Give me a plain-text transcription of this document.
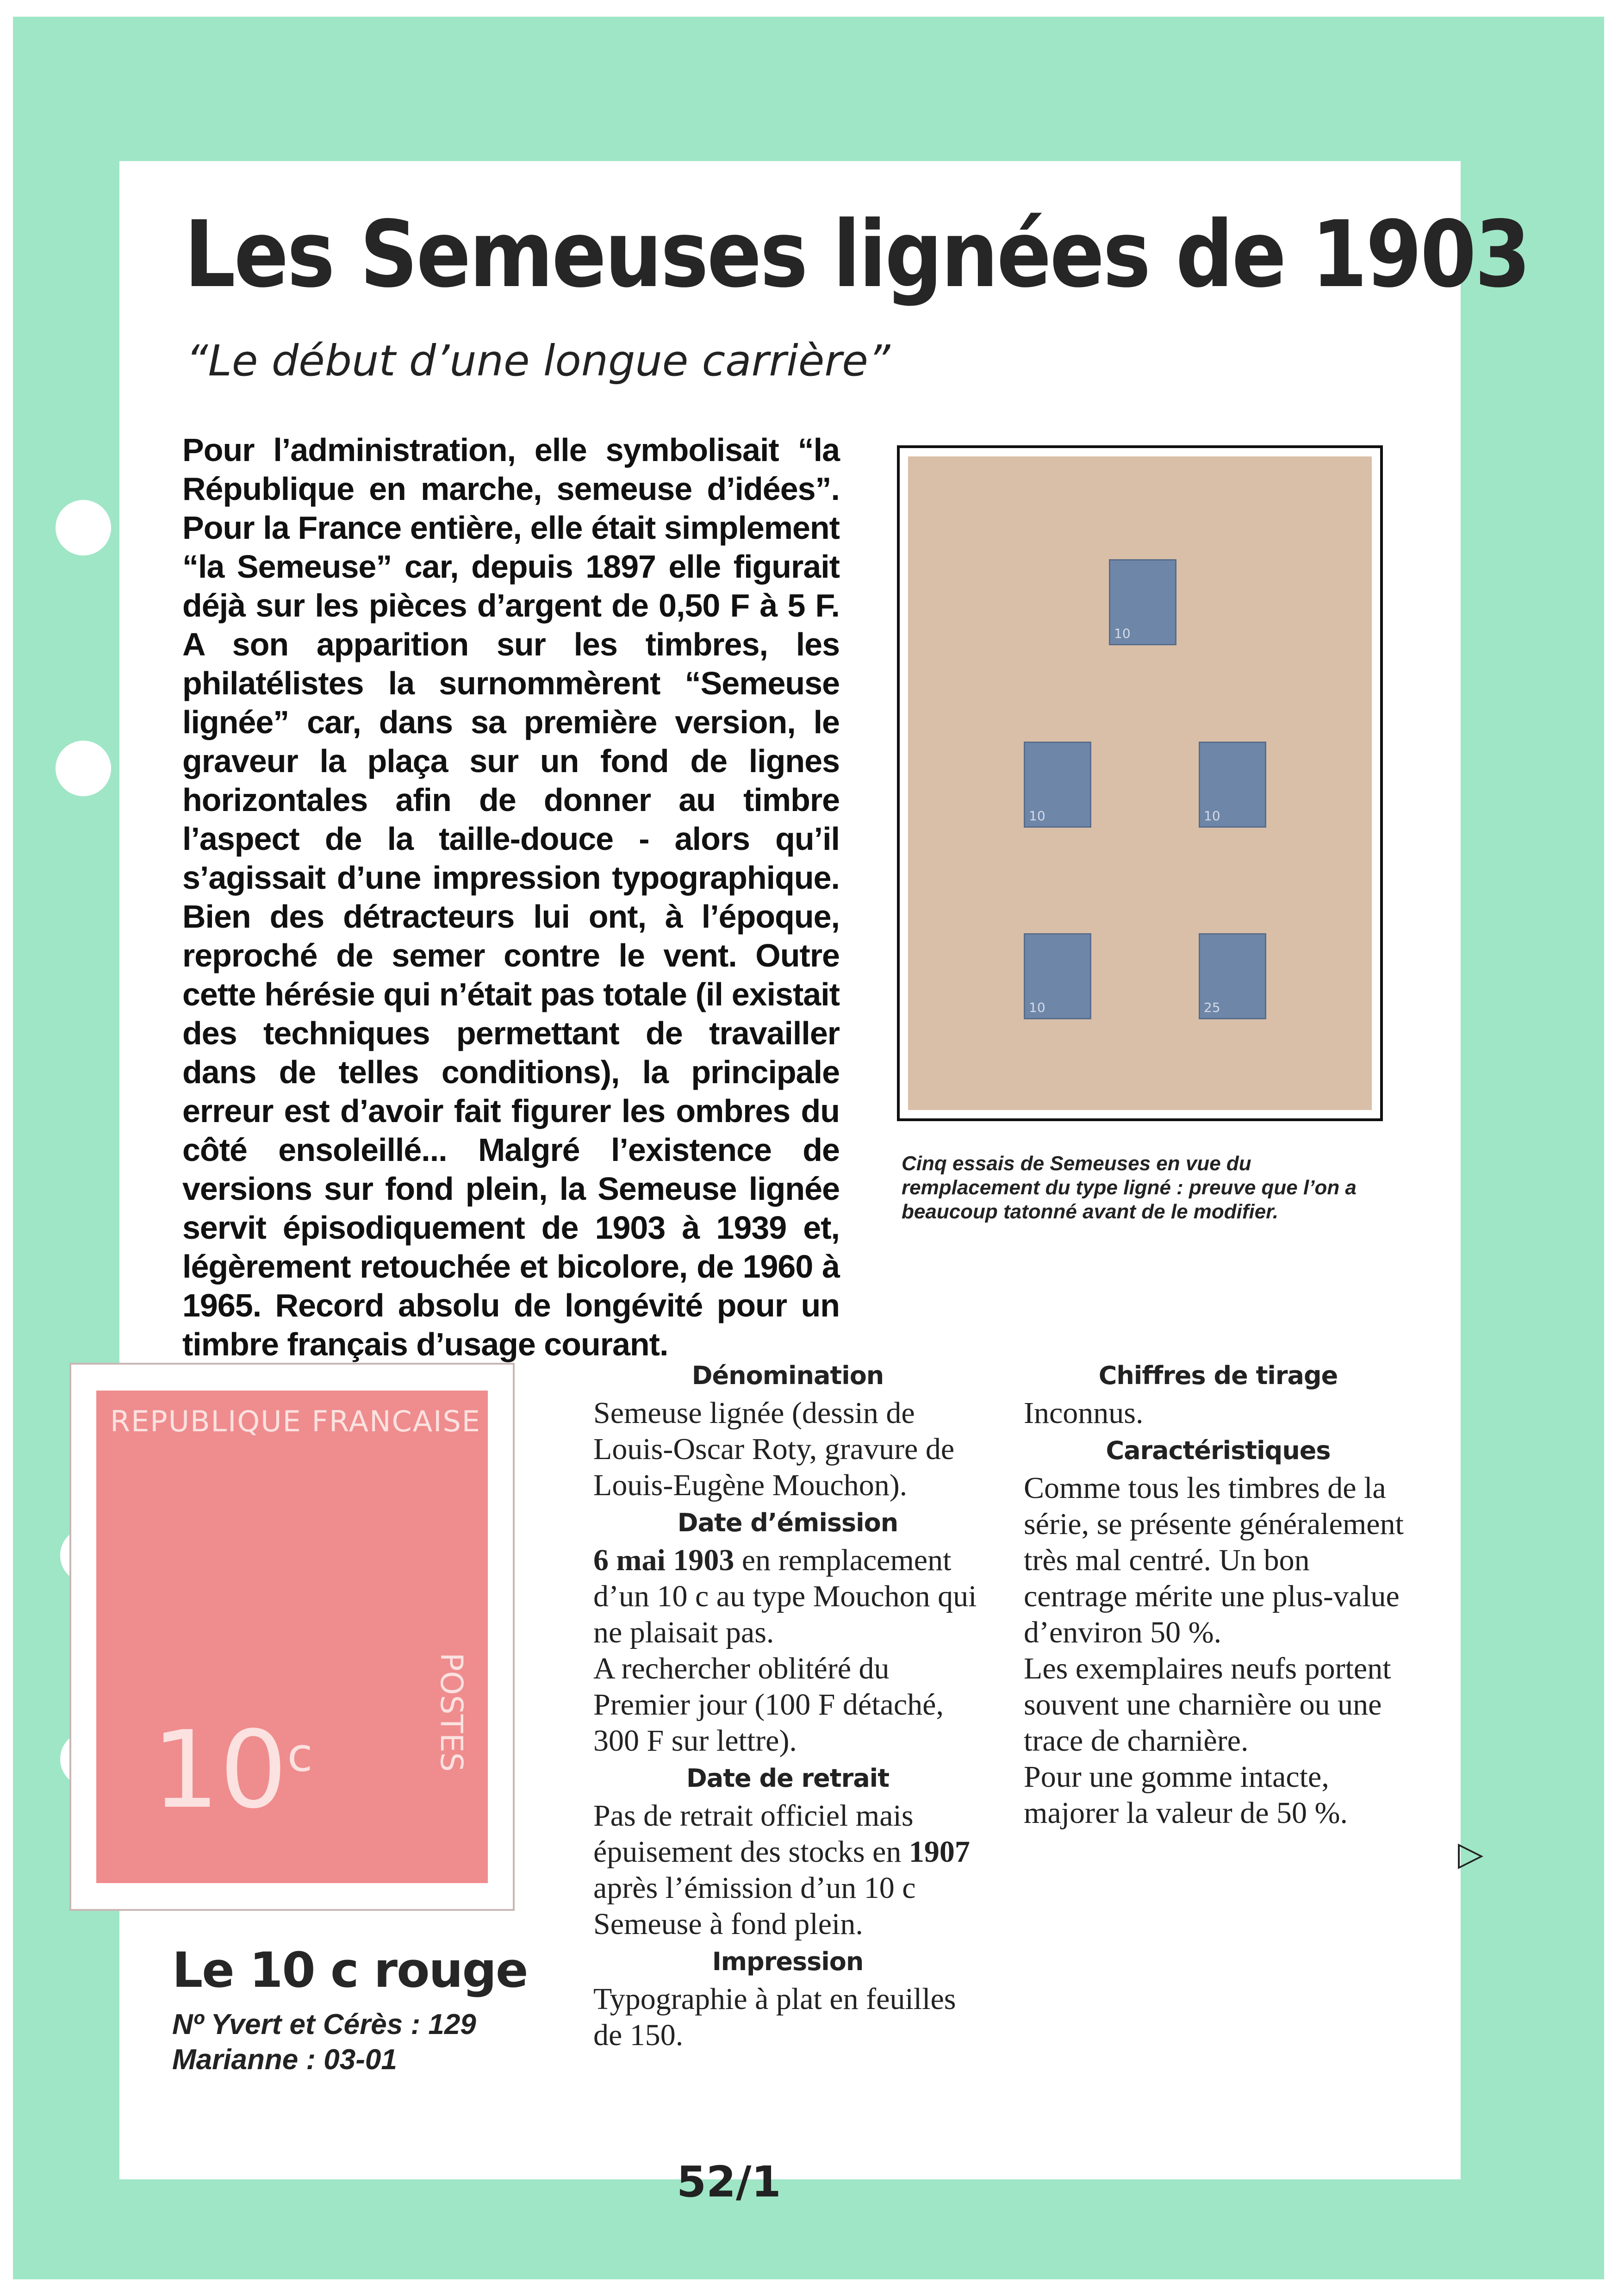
Les Semeuses lignées de 1903
“Le début d’une longue carrière”
Pour l’administration, elle symbolisait “la République en marche, semeuse d’idées”. Pour la France entière, elle était simplement “la Semeuse” car, depuis 1897 elle figurait déjà sur les pièces d’argent de 0,50 F à 5 F. A son apparition sur les timbres, les philatélistes la surnommèrent “Semeuse lignée” car, dans sa première version, le graveur la plaça sur un fond de lignes horizontales afin de donner au timbre l’aspect de la taille-douce - alors qu’il s’agissait d’une impression typographique. Bien des détracteurs lui ont, à l’époque, reproché de semer contre le vent. Outre cette hérésie qui n’était pas totale (il existait des techniques permettant de travailler dans de telles conditions), la principale erreur est d’avoir fait figurer les ombres du côté ensoleillé... Malgré l’existence de versions sur fond plein, la Semeuse lignée servit épisodiquement de 1903 à 1939 et, légèrement retouchée et bicolore, de 1960 à 1965. Record absolu de longévité pour un timbre français d’usage courant.
10
10	10
10	25
Cinq essais de Semeuses en vue du remplacement du type ligné : preuve que l’on a beaucoup tatonné avant de le modifier.
REPUBLIQUE FRANCAISE
10$^c$	POSTES
Le 10 c rouge
Nº Yvert et Cérès : 129
Marianne : 03-01
Dénomination

Semeuse lignée (dessin de Louis-Oscar Roty, gravure de Louis-Eugène Mouchon).

Date d’émission

6 mai 1903 en remplacement d’un 10 c au type Mouchon qui ne plaisait pas.

A rechercher oblitéré du Premier jour (100 F détaché, 300 F sur lettre).

Date de retrait

Pas de retrait officiel mais épuisement des stocks en 1907 après l’émission d’un 10 c Semeuse à fond plein.

Impression

Typographie à plat en feuilles de 150.

Chiffres de tirage

Inconnus.

Caractéristiques

Comme tous les timbres de la série, se présente généralement très mal centré. Un bon centrage mérite une plus-value d’environ 50 %.

Les exemplaires neufs portent souvent une charnière ou une trace de charnière.

Pour une gomme intacte, majorer la valeur de 50 %.

▷
52/1
